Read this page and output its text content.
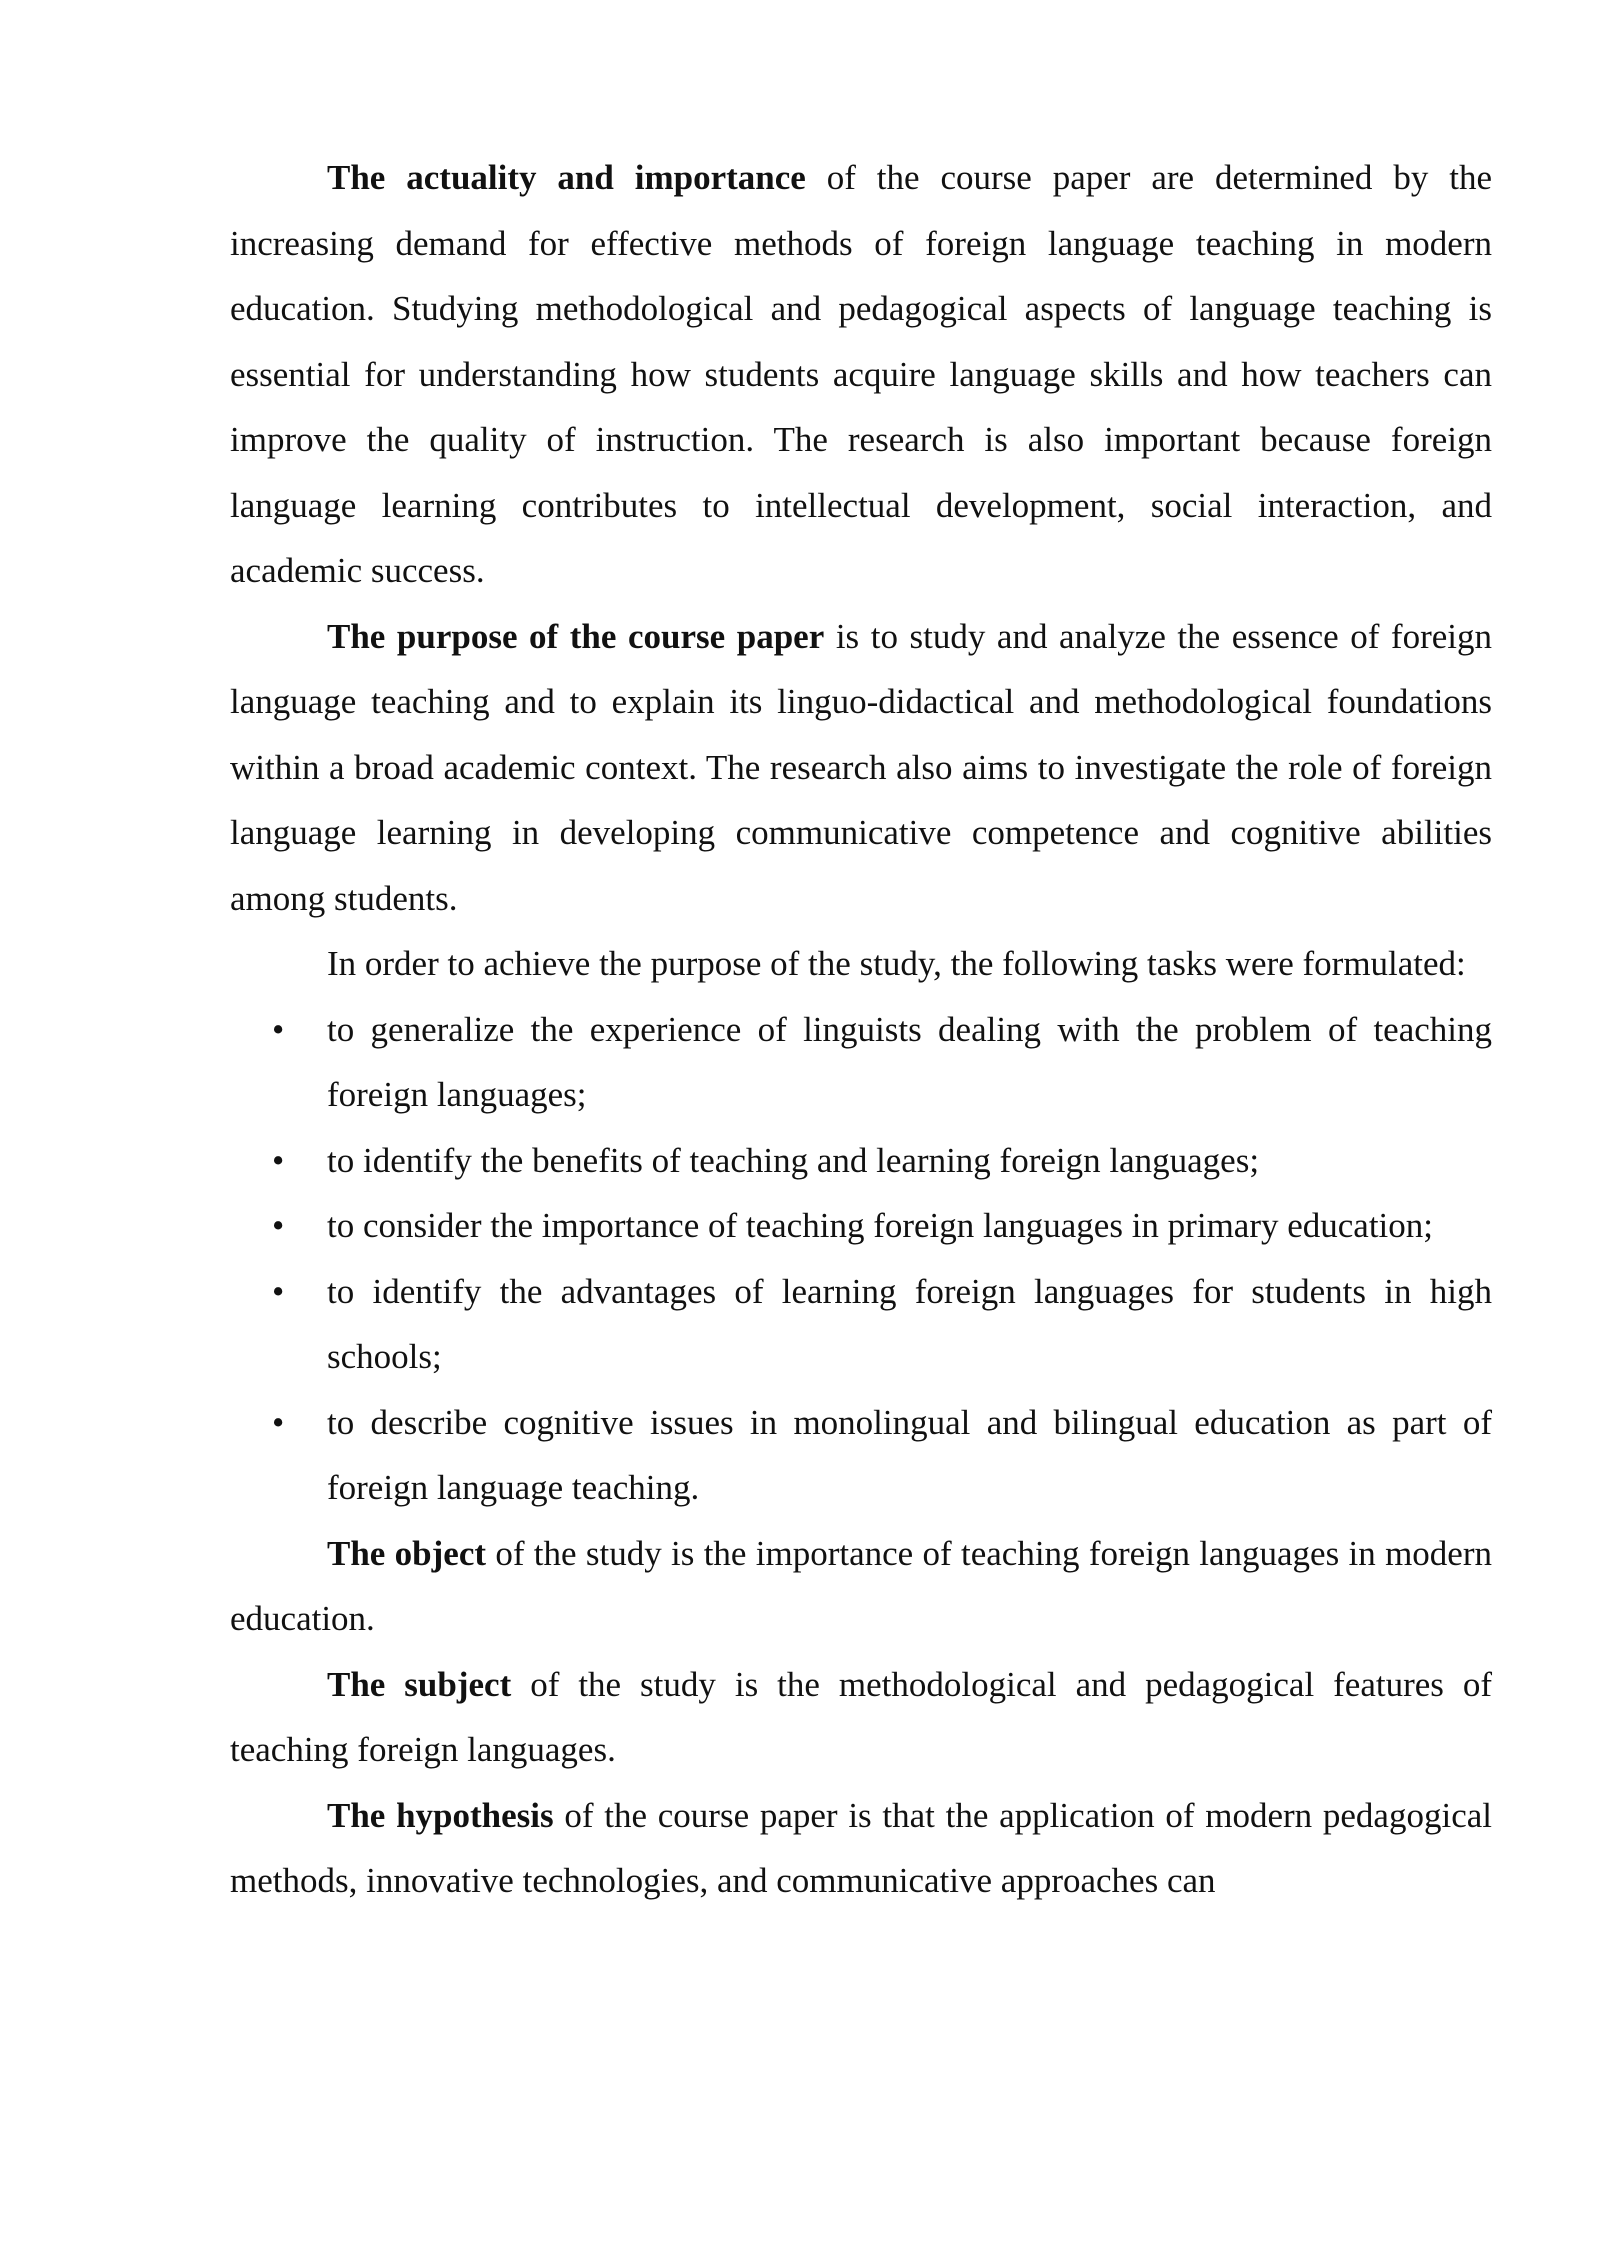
The actuality and importance of the course paper are determined by the increasing demand for effective methods of foreign language teaching in modern education. Studying methodological and pedagogical aspects of language teaching is essential for understanding how students acquire language skills and how teachers can improve the quality of instruction. The research is also important because foreign language learning contributes to intellectual development, social interaction, and academic success.

The purpose of the course paper is to study and analyze the essence of foreign language teaching and to explain its linguo-didactical and methodological foundations within a broad academic context. The research also aims to investigate the role of foreign language learning in developing communicative competence and cognitive abilities among students.

In order to achieve the purpose of the study, the following tasks were formulated:

• to generalize the experience of linguists dealing with the problem of teaching foreign languages;
• to identify the benefits of teaching and learning foreign languages;
• to consider the importance of teaching foreign languages in primary education;
• to identify the advantages of learning foreign languages for students in high schools;
• to describe cognitive issues in monolingual and bilingual education as part of foreign language teaching.

The object of the study is the importance of teaching foreign languages in modern education.

The subject of the study is the methodological and pedagogical features of teaching foreign languages.

The hypothesis of the course paper is that the application of modern pedagogical methods, innovative technologies, and communicative approaches can
